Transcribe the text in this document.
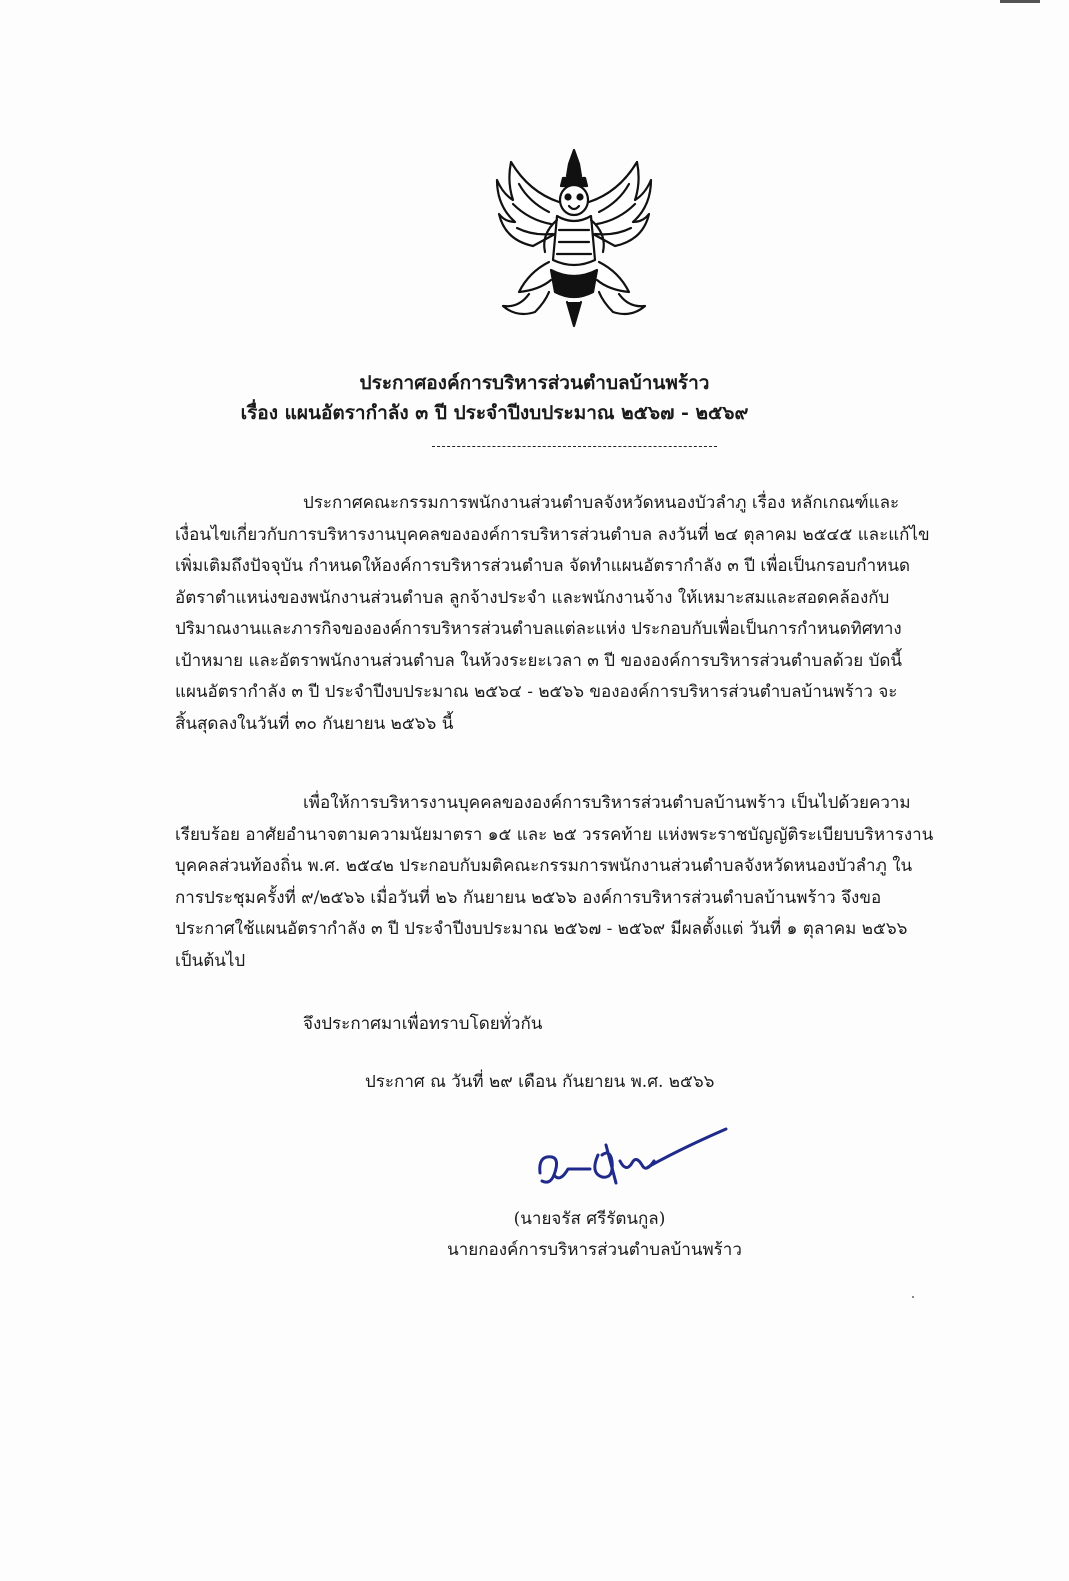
ประกาศองค์การบริหารส่วนตำบลบ้านพร้าว
เรื่อง แผนอัตรากำลัง ๓ ปี ประจำปีงบประมาณ ๒๕๖๗ - ๒๕๖๙
ประกาศคณะกรรมการพนักงานส่วนตำบลจังหวัดหนองบัวลำภู เรื่อง หลักเกณฑ์และ
เงื่อนไขเกี่ยวกับการบริหารงานบุคคลขององค์การบริหารส่วนตำบล ลงวันที่ ๒๔ ตุลาคม ๒๕๔๕ และแก้ไข
เพิ่มเติมถึงปัจจุบัน กำหนดให้องค์การบริหารส่วนตำบล จัดทำแผนอัตรากำลัง ๓ ปี เพื่อเป็นกรอบกำหนด
อัตราตำแหน่งของพนักงานส่วนตำบล ลูกจ้างประจำ และพนักงานจ้าง ให้เหมาะสมและสอดคล้องกับ
ปริมาณงานและภารกิจขององค์การบริหารส่วนตำบลแต่ละแห่ง ประกอบกับเพื่อเป็นการกำหนดทิศทาง
เป้าหมาย และอัตราพนักงานส่วนตำบล ในห้วงระยะเวลา ๓ ปี ขององค์การบริหารส่วนตำบลด้วย บัดนี้
แผนอัตรากำลัง ๓ ปี ประจำปีงบประมาณ ๒๕๖๔ - ๒๕๖๖ ขององค์การบริหารส่วนตำบลบ้านพร้าว จะ
สิ้นสุดลงในวันที่ ๓๐ กันยายน ๒๕๖๖ นี้
เพื่อให้การบริหารงานบุคคลขององค์การบริหารส่วนตำบลบ้านพร้าว เป็นไปด้วยความ
เรียบร้อย อาศัยอำนาจตามความนัยมาตรา ๑๕ และ ๒๕ วรรคท้าย แห่งพระราชบัญญัติระเบียบบริหารงาน
บุคคลส่วนท้องถิ่น พ.ศ. ๒๕๔๒ ประกอบกับมติคณะกรรมการพนักงานส่วนตำบลจังหวัดหนองบัวลำภู ใน
การประชุมครั้งที่ ๙/๒๕๖๖ เมื่อวันที่ ๒๖ กันยายน ๒๕๖๖ องค์การบริหารส่วนตำบลบ้านพร้าว จึงขอ
ประกาศใช้แผนอัตรากำลัง ๓ ปี ประจำปีงบประมาณ ๒๕๖๗ - ๒๕๖๙ มีผลตั้งแต่ วันที่ ๑ ตุลาคม ๒๕๖๖
เป็นต้นไป
จึงประกาศมาเพื่อทราบโดยทั่วกัน
ประกาศ ณ วันที่ ๒๙ เดือน กันยายน พ.ศ. ๒๕๖๖
(นายจรัส ศรีรัตนกูล)
นายกองค์การบริหารส่วนตำบลบ้านพร้าว
